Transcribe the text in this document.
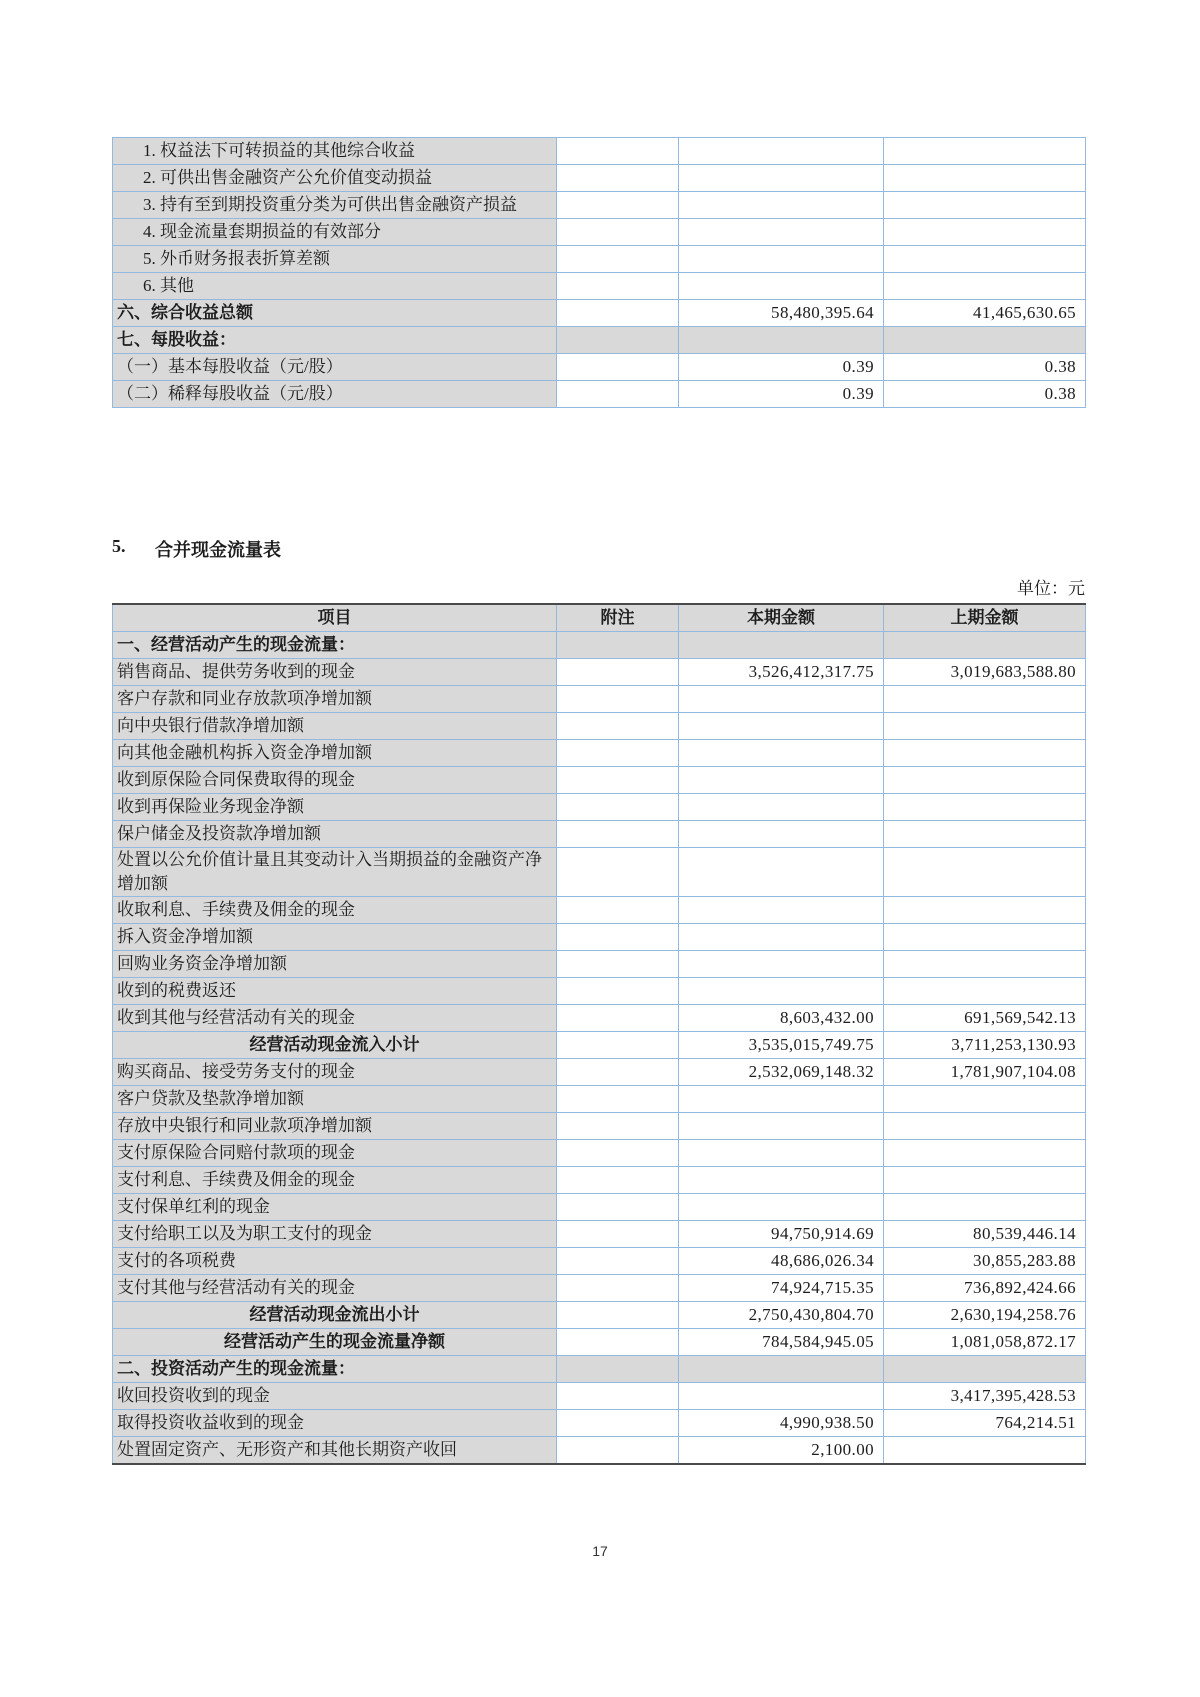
1. 权益法下可转损益的其他综合收益			
2. 可供出售金融资产公允价值变动损益			
3. 持有至到期投资重分类为可供出售金融资产损益			
4. 现金流量套期损益的有效部分			
5. 外币财务报表折算差额			
6. 其他			
六、综合收益总额		58,480,395.64	41,465,630.65
七、每股收益：			
（一）基本每股收益（元/股）		0.39	0.38
（二）稀释每股收益（元/股）		0.39	0.38
5.	合并现金流量表
单位：元
项目	附注	本期金额	上期金额
一、经营活动产生的现金流量：			
销售商品、提供劳务收到的现金		3,526,412,317.75	3,019,683,588.80
客户存款和同业存放款项净增加额			
向中央银行借款净增加额			
向其他金融机构拆入资金净增加额			
收到原保险合同保费取得的现金			
收到再保险业务现金净额			
保户储金及投资款净增加额			
处置以公允价值计量且其变动计入当期损益的金融资产净增加额			
收取利息、手续费及佣金的现金			
拆入资金净增加额			
回购业务资金净增加额			
收到的税费返还			
收到其他与经营活动有关的现金		8,603,432.00	691,569,542.13
经营活动现金流入小计		3,535,015,749.75	3,711,253,130.93
购买商品、接受劳务支付的现金		2,532,069,148.32	1,781,907,104.08
客户贷款及垫款净增加额			
存放中央银行和同业款项净增加额			
支付原保险合同赔付款项的现金			
支付利息、手续费及佣金的现金			
支付保单红利的现金			
支付给职工以及为职工支付的现金		94,750,914.69	80,539,446.14
支付的各项税费		48,686,026.34	30,855,283.88
支付其他与经营活动有关的现金		74,924,715.35	736,892,424.66
经营活动现金流出小计		2,750,430,804.70	2,630,194,258.76
经营活动产生的现金流量净额		784,584,945.05	1,081,058,872.17
二、投资活动产生的现金流量：			
收回投资收到的现金			3,417,395,428.53
取得投资收益收到的现金		4,990,938.50	764,214.51
处置固定资产、无形资产和其他长期资产收回		2,100.00	
17
